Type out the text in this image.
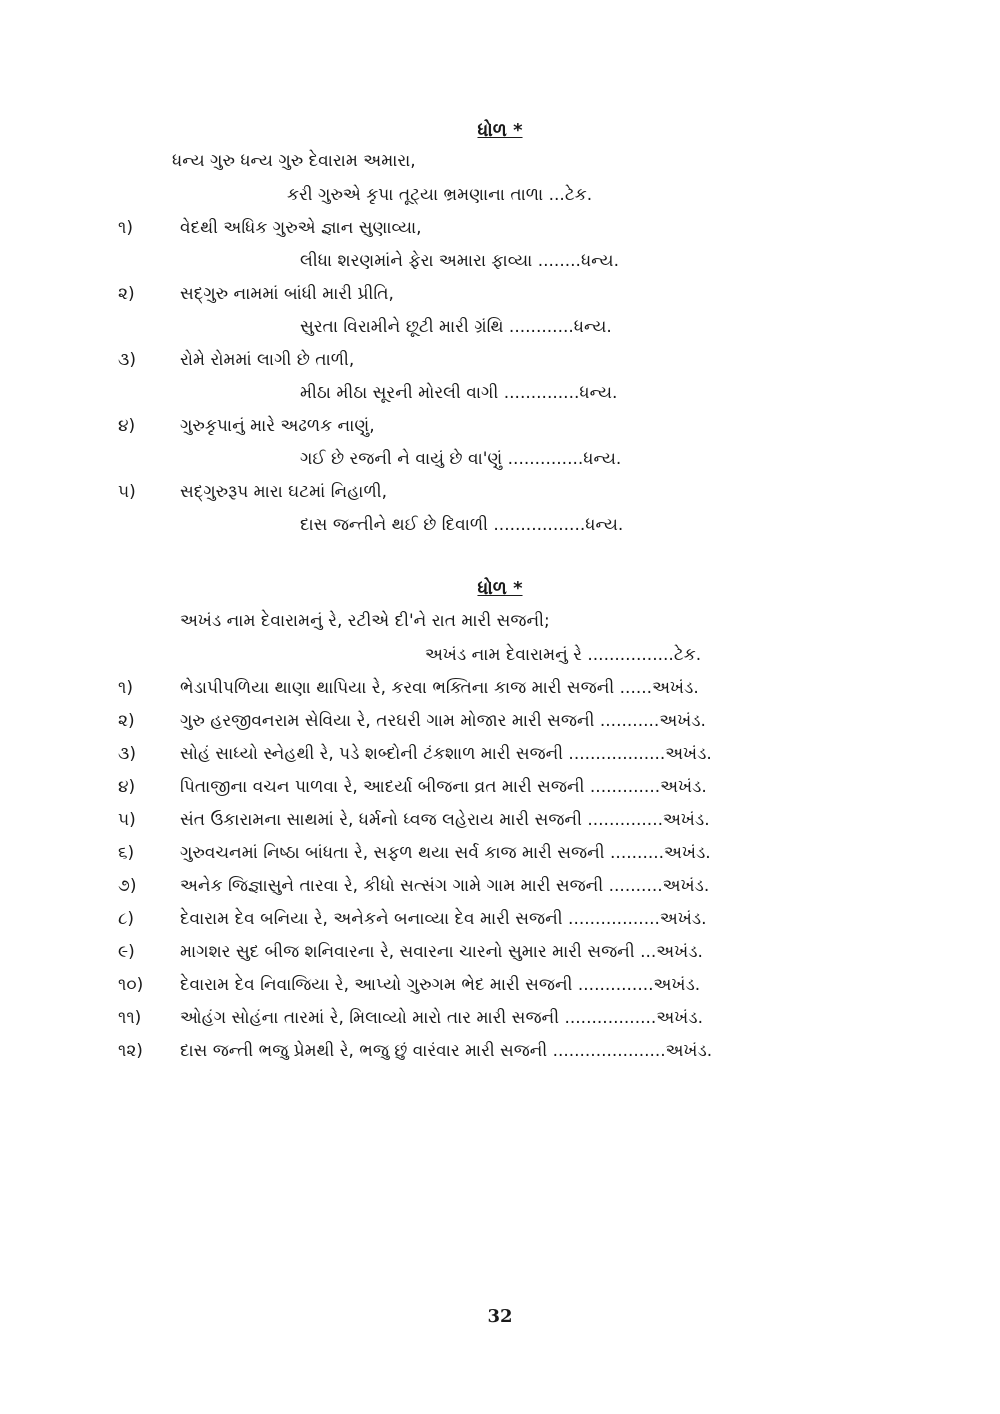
ધોળ *
ધન્ય ગુરુ ધન્ય ગુરુ દેવારામ અમારા,
કરી ગુરુએ કૃપા તૂટ્યા ભ્રમણાના તાળા ...ટેક.
૧)	વેદથી અધિક ગુરુએ જ્ઞાન સુણાવ્યા,
લીધા શરણમાંને ફેરા અમારા ફાવ્યા ........ધન્ય.
૨)	સદ્‌ગુરુ નામમાં બાંધી મારી પ્રીતિ,
સુરતા વિરામીને છૂટી મારી ગ્રંથિ ............ધન્ય.
૩)	રોમે રોમમાં લાગી છે તાળી,
મીઠા મીઠા સૂરની મોરલી વાગી ..............ધન્ય.
૪)	ગુરુકૃપાનું મારે અઢળક નાણું,
ગઈ છે રજની ને વાયું છે વા'ણું ..............ધન્ય.
૫)	સદ્‌ગુરુરૂપ મારા ઘટમાં નિહાળી,
દાસ જન્તીને થઈ છે દિવાળી .................ધન્ય.
ધોળ *
અખંડ નામ દેવારામનું રે, રટીએ દી'ને રાત મારી સજની;
અખંડ નામ દેવારામનું રે ................ટેક.
૧)	ભેડાપીપળિયા થાણા થાપિયા રે, કરવા ભક્તિના કાજ મારી સજની ......અખંડ.
૨)	ગુરુ હરજીવનરામ સેવિયા રે, તરઘરી ગામ મોજાર મારી સજની ...........અખંડ.
૩)	સોહં સાધ્યો સ્નેહથી રે, પડે શબ્દોની ટંકશાળ મારી સજની ..................અખંડ.
૪)	પિતાજીના વચન પાળવા રે, આદર્યા બીજના વ્રત મારી સજની .............અખંડ.
૫)	સંત ઉકારામના સાથમાં રે, ધર્મનો ધ્વજ લહેરાય મારી સજની ..............અખંડ.
૬)	ગુરુવચનમાં નિષ્ઠા બાંધતા રે, સફળ થયા સર્વ કાજ મારી સજની ..........અખંડ.
૭)	અનેક જિજ્ઞાસુને તારવા રે, કીધો સત્સંગ ગામે ગામ મારી સજની ..........અખંડ.
૮)	દેવારામ દેવ બનિયા રે, અનેકને બનાવ્યા દેવ મારી સજની .................અખંડ.
૯)	માગશર સુદ બીજ શનિવારના રે, સવારના ચારનો સુમાર મારી સજની ...અખંડ.
૧૦) દેવારામ દેવ નિવાજિયા રે, આપ્યો ગુરુગમ ભેદ મારી સજની ..............અખંડ.
૧૧) ઓહંગ સોહંના તારમાં રે, મિલાવ્યો મારો તાર મારી સજની .................અખંડ.
૧૨) દાસ જન્તી ભજુ પ્રેમથી રે, ભજુ છું વારંવાર મારી સજની .....................અખંડ.
32
